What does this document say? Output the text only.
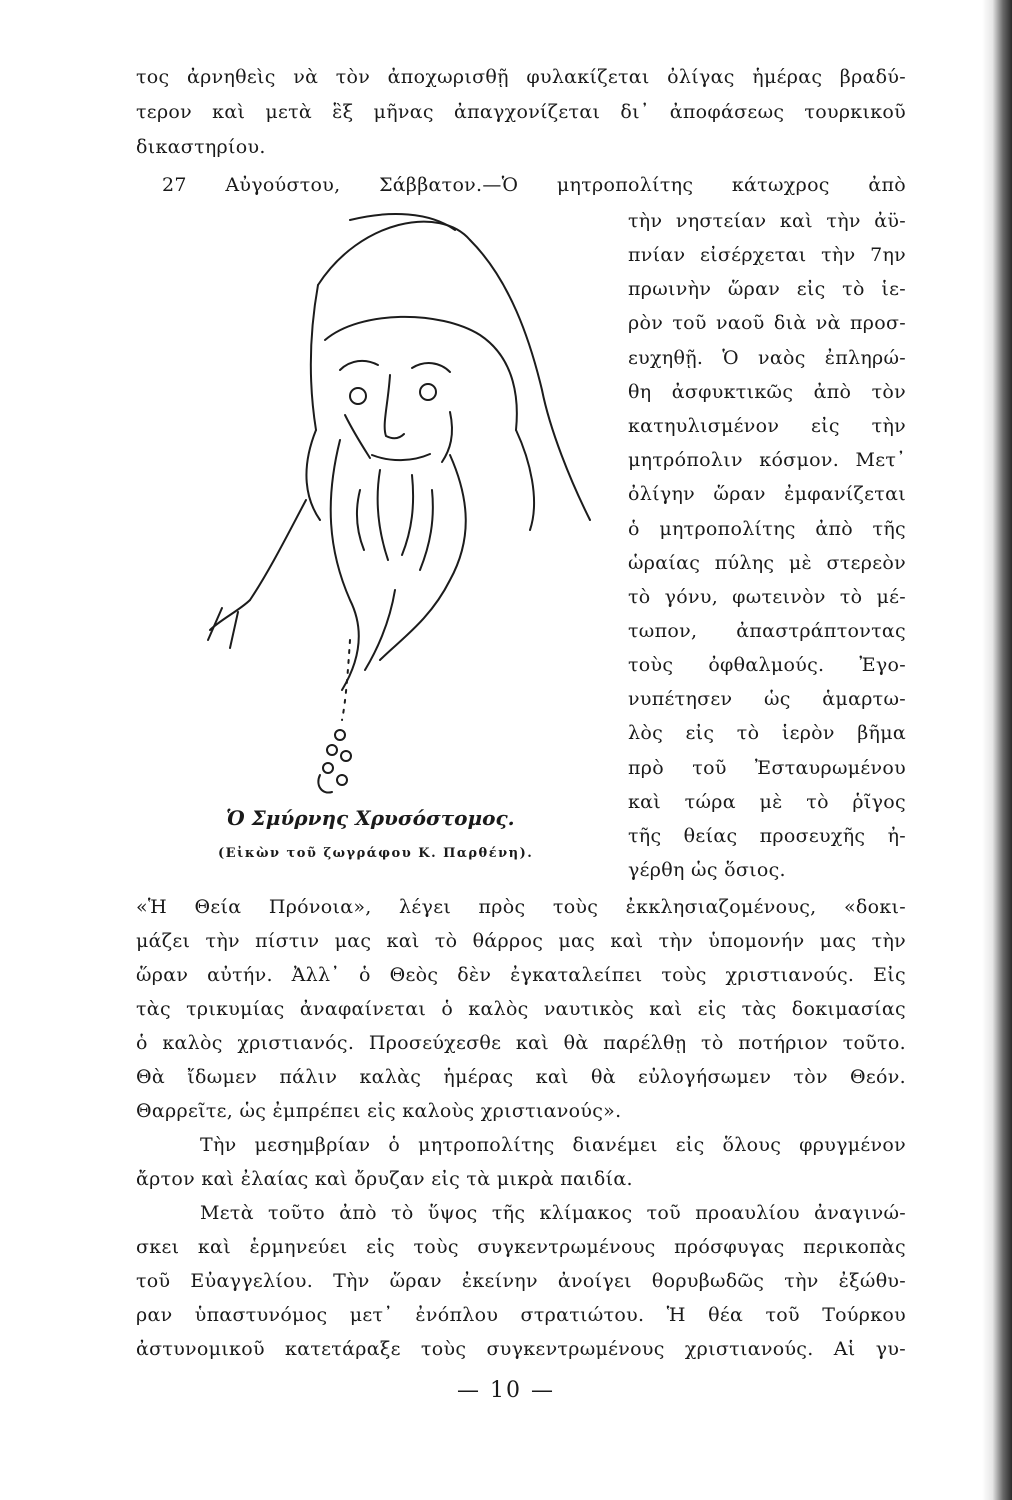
τος ἀρνηθεὶς νὰ τὸν ἀποχωρισθῇ φυλακίζεται ὀλίγας ἡμέρας βραδύ-

τερον καὶ μετὰ ἓξ μῆνας ἀπαγχονίζεται δι᾽ ἀποφάσεως τουρκικοῦ

δικαστηρίου.

27 Αὐγούστου, Σάββατον.—Ὁ μητροπολίτης κάτωχρος ἀπὸ

τὴν νηστείαν καὶ τὴν ἀϋ-

πνίαν εἰσέρχεται τὴν 7ην

πρωινὴν ὥραν εἰς τὸ ἱε-

ρὸν τοῦ ναοῦ διὰ νὰ προσ-

ευχηθῇ. Ὁ ναὸς ἐπληρώ-

θη ἀσφυκτικῶς ἀπὸ τὸν

κατηυλισμένον εἰς τὴν

μητρόπολιν κόσμον. Μετ᾽

ὀλίγην ὥραν ἐμφανίζεται

ὁ μητροπολίτης ἀπὸ τῆς

ὡραίας πύλης μὲ στερεὸν

τὸ γόνυ, φωτεινὸν τὸ μέ-

τωπον, ἀπαστράπτοντας

τοὺς ὀφθαλμούς. Ἐγο-

νυπέτησεν ὡς ἁμαρτω-

λὸς εἰς τὸ ἱερὸν βῆμα

πρὸ τοῦ Ἐσταυρωμένου

καὶ τώρα μὲ τὸ ῥῖγος

τῆς θείας προσευχῆς ἠ-

γέρθη ὡς ὅσιος.

Ὁ Σμύρνης Χρυσόστομος.
(Εἰκὼν τοῦ ζωγράφου Κ. Παρθένη).

«Ἡ Θεία Πρόνοια», λέγει πρὸς τοὺς ἐκκλησιαζομένους, «δοκι-

μάζει τὴν πίστιν μας καὶ τὸ θάρρος μας καὶ τὴν ὑπομονήν μας τὴν

ὥραν αὐτήν. Ἀλλ᾽ ὁ Θεὸς δὲν ἐγκαταλείπει τοὺς χριστιανούς. Εἰς

τὰς τρικυμίας ἀναφαίνεται ὁ καλὸς ναυτικὸς καὶ εἰς τὰς δοκιμασίας

ὁ καλὸς χριστιανός. Προσεύχεσθε καὶ θὰ παρέλθῃ τὸ ποτήριον τοῦτο.

Θὰ ἴδωμεν πάλιν καλὰς ἡμέρας καὶ θὰ εὐλογήσωμεν τὸν Θεόν.

Θαρρεῖτε, ὡς ἐμπρέπει εἰς καλοὺς χριστιανούς».

Τὴν μεσημβρίαν ὁ μητροπολίτης διανέμει εἰς ὅλους φρυγμένον

ἄρτον καὶ ἐλαίας καὶ ὄρυζαν εἰς τὰ μικρὰ παιδία.

Μετὰ τοῦτο ἀπὸ τὸ ὕψος τῆς κλίμακος τοῦ προαυλίου ἀναγινώ-

σκει καὶ ἑρμηνεύει εἰς τοὺς συγκεντρωμένους πρόσφυγας περικοπὰς

τοῦ Εὐαγγελίου. Τὴν ὥραν ἐκείνην ἀνοίγει θορυβωδῶς τὴν ἐξώθυ-

ραν ὑπαστυνόμος μετ᾽ ἐνόπλου στρατιώτου. Ἡ θέα τοῦ Τούρκου

ἀστυνομικοῦ κατετάραξε τοὺς συγκεντρωμένους χριστιανούς. Αἱ γυ-

— 10 —
